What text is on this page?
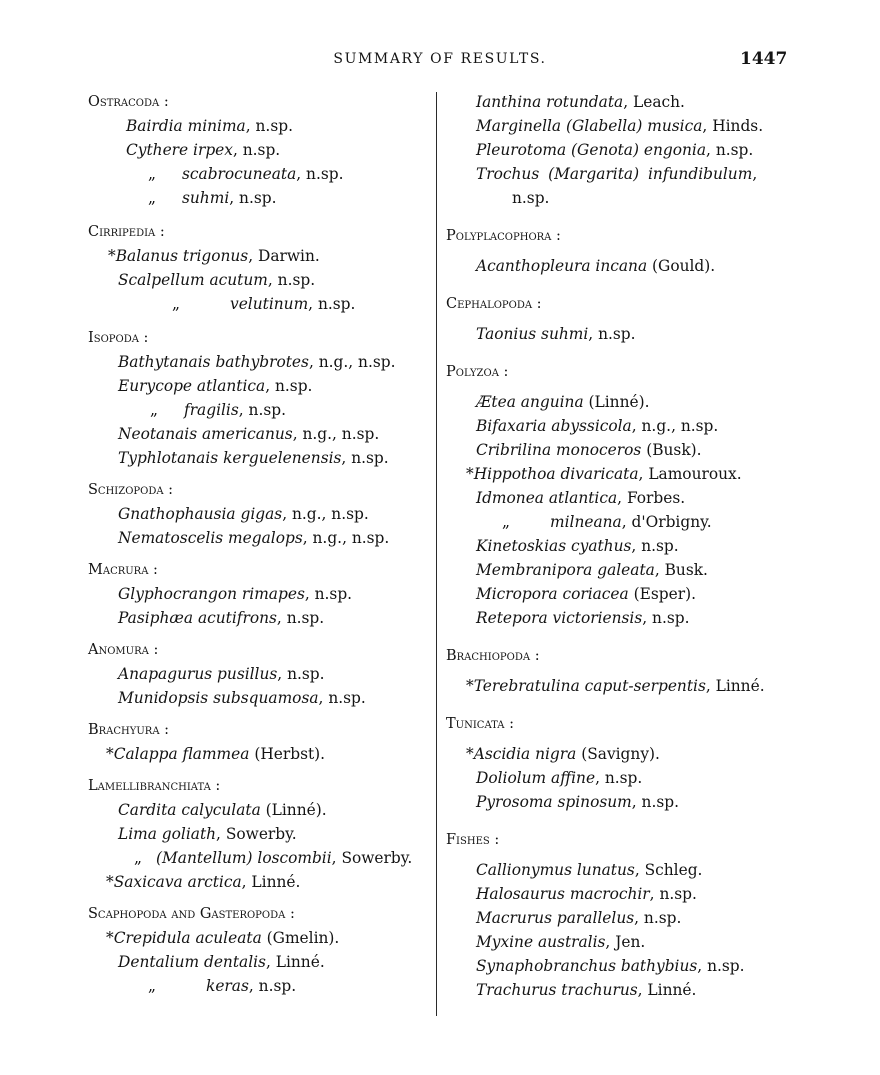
SUMMARY OF RESULTS.	1447
Ostracoda :
Bairdia minima, n.sp.
Cythere irpex, n.sp.
„ scabrocuneata, n.sp.
„ suhmi, n.sp.
Cirripedia :
*Balanus trigonus, Darwin.
Scalpellum acutum, n.sp.
„	velutinum, n.sp.
Isopoda :
Bathytanais bathybrotes, n.g., n.sp.
Eurycope atlantica, n.sp.
„ fragilis, n.sp.
Neotanais americanus, n.g., n.sp.
Typhlotanais kerguelenensis, n.sp.
Schizopoda :
Gnathophausia gigas, n.g., n.sp.
Nematoscelis megalops, n.g., n.sp.
Macrura :
Glyphocrangon rimapes, n.sp.
Pasiphæa acutifrons, n.sp.
Anomura :
Anapagurus pusillus, n.sp.
Munidopsis subsquamosa, n.sp.
Brachyura :
*Calappa flammea (Herbst).
Lamellibranchiata :
Cardita calyculata (Linné).
Lima goliath, Sowerby.
„ (Mantellum) loscombii, Sowerby.
*Saxicava arctica, Linné.
Scaphopoda and Gasteropoda :
*Crepidula aculeata (Gmelin).
Dentalium dentalis, Linné.
„	keras, n.sp.
Ianthina rotundata, Leach.
Marginella (Glabella) musica, Hinds.
Pleurotoma (Genota) engonia, n.sp.
Trochus (Margarita) infundibulum,
n.sp.
Polyplacophora :
Acanthopleura incana (Gould).
Cephalopoda :
Taonius suhmi, n.sp.
Polyzoa :
Ætea anguina (Linné).
Bifaxaria abyssicola, n.g., n.sp.
Cribrilina monoceros (Busk).
*Hippothoa divaricata, Lamouroux.
Idmonea atlantica, Forbes.
„	milneana, d'Orbigny.
Kinetoskias cyathus, n.sp.
Membranipora galeata, Busk.
Micropora coriacea (Esper).
Retepora victoriensis, n.sp.
Brachiopoda :
*Terebratulina caput-serpentis, Linné.
Tunicata :
*Ascidia nigra (Savigny).
Doliolum affine, n.sp.
Pyrosoma spinosum, n.sp.
Fishes :
Callionymus lunatus, Schleg.
Halosaurus macrochir, n.sp.
Macrurus parallelus, n.sp.
Myxine australis, Jen.
Synaphobranchus bathybius, n.sp.
Trachurus trachurus, Linné.
